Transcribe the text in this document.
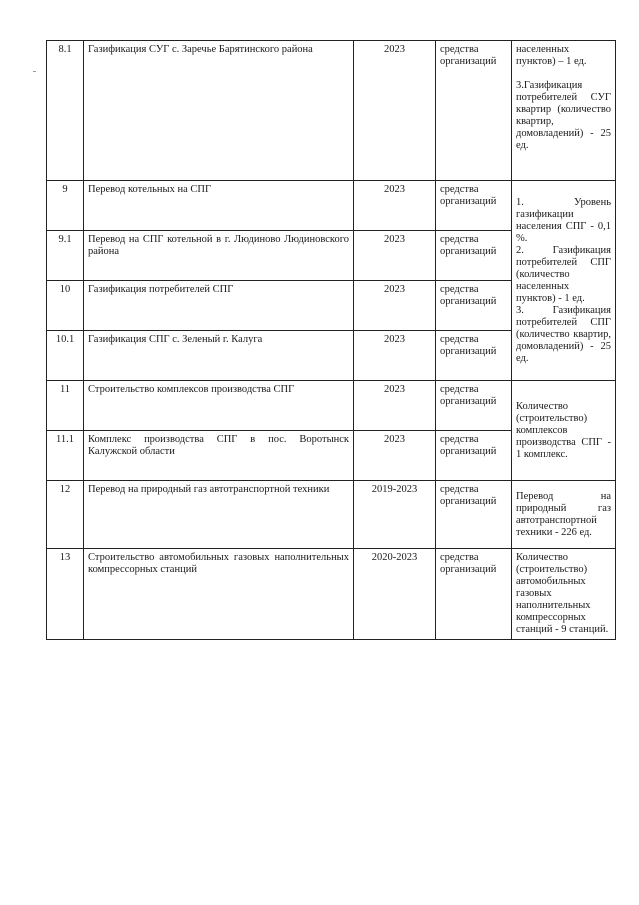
8.1	Газификация СУГ с. Заречье Барятинского района	2023	средства организаций	населенных пунктов) – 1 ед.
3.Газификация потребителей СУГ квартир (количество квартир, домовладений) - 25 ед.

9	Перевод котельных на СПГ	2023	средства организаций	1. Уровень газификации населения СПГ - 0,1 %.
2. Газификация потребителей СПГ (количество населенных пунктов) - 1 ед.
3. Газификация потребителей СПГ (количество квартир, домовладений) - 25 ед.

9.1	Перевод на СПГ котельной в г. Людиново Людиновского района	2023	средства организаций	
10	Газификация потребителей СПГ	2023	средства организаций	
10.1	Газификация СПГ с. Зеленый г. Калуга	2023	средства организаций	
11	Строительство комплексов производства СПГ	2023	средства организаций	Количество (строительство) комплексов производства СПГ - 1 комплекс.

11.1	Комплекс производства СПГ в пос. Воротынск Калужской области	2023	средства организаций	
12	Перевод на природный газ автотранспортной техники	2019-2023	средства организаций	Перевод на природный газ автотранспортной техники - 226 ед.
13	Строительство автомобильных газовых наполнительных компрессорных станций	2020-2023	средства организаций	Количество (строительство) автомобильных газовых наполнительных компрессорных станций - 9 станций.
